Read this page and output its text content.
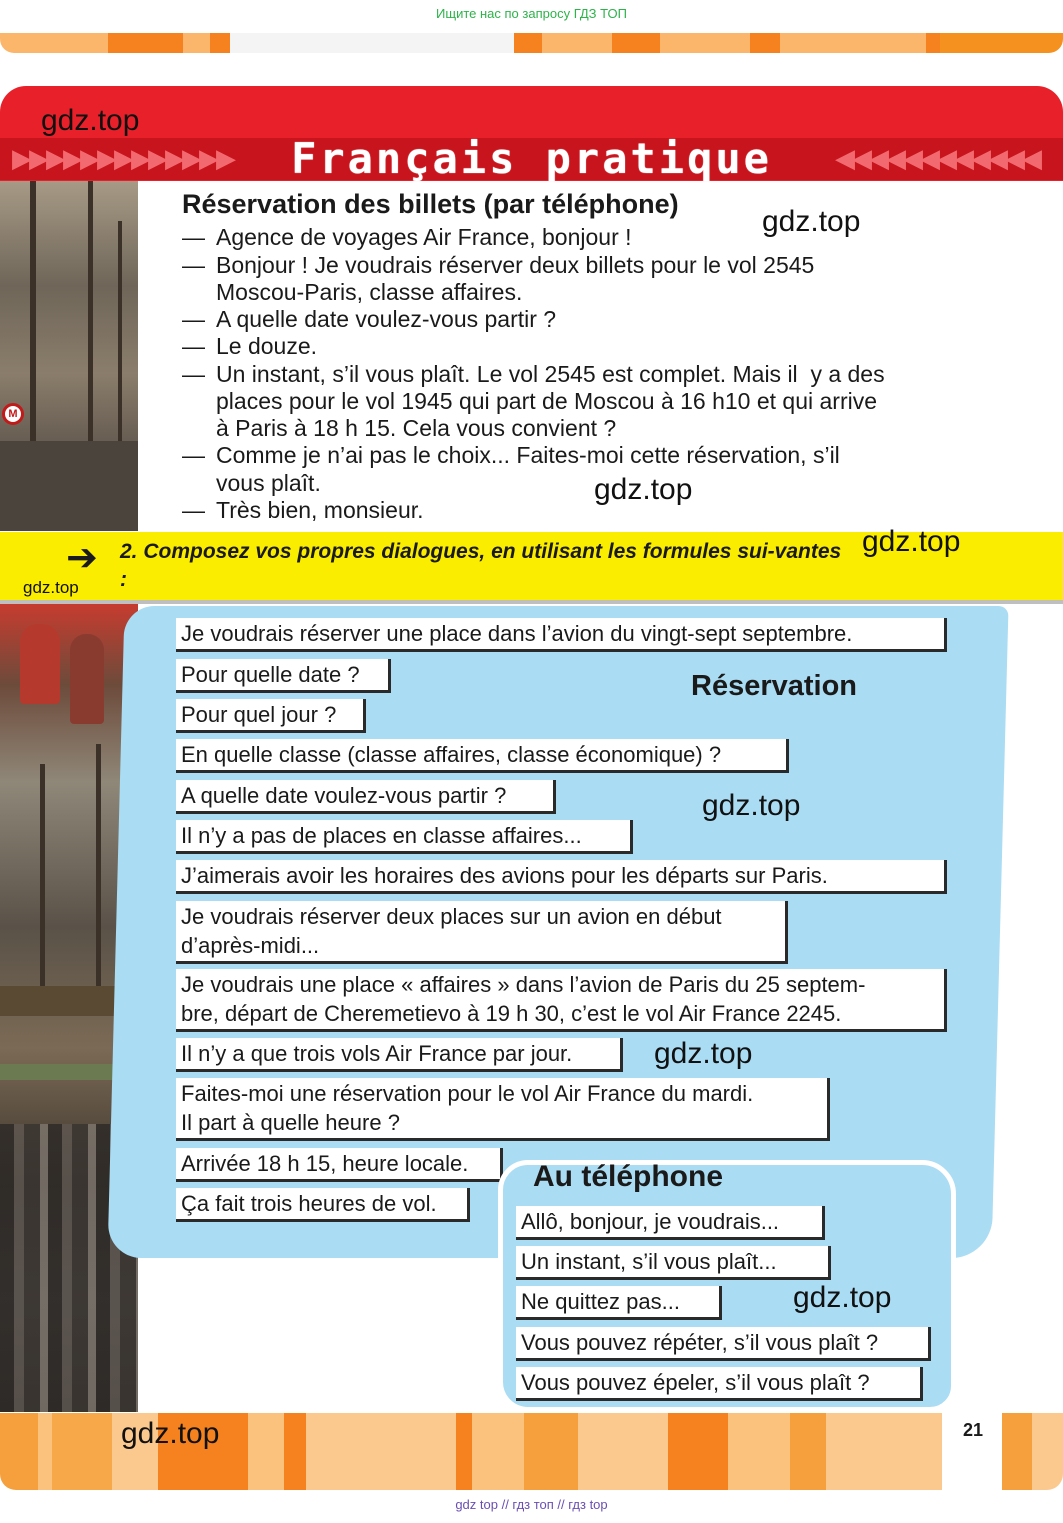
Ищите нас по запросу ГДЗ ТОП
▶▶▶▶▶▶▶▶▶▶▶▶▶	◀◀◀◀◀◀◀◀◀◀◀◀
Français pratique
M
Réservation des billets (par téléphone)
— Agence de voyages Air France, bonjour !
— Bonjour ! Je voudrais réserver deux billets pour le vol 2545
Moscou-Paris, classe affaires.
— A quelle date voulez-vous partir ?
— Le douze.
— Un instant, s’il vous plaît. Le vol 2545 est complet. Mais il  y a des
places pour le vol 1945 qui part de Moscou à 16 h10 et qui arrive
à Paris à 18 h 15. Cela vous convient ?
— Comme je n’ai pas le choix... Faites-moi cette réservation, s’il
vous plaît.
— Très bien, monsieur.
➔ 2. Composez vos propres dialogues, en utilisant les formules sui-vantes :
Réservation
Je voudrais réserver une place dans l’avion du vingt-sept septembre.
Pour quelle date ?
Pour quel jour ?
En quelle classe (classe affaires, classe économique) ?
A quelle date voulez-vous partir ?
Il n’y a pas de places en classe affaires...
J’aimerais avoir les horaires des avions pour les départs sur Paris.
Je voudrais réserver deux places sur un avion en début
d’après-midi...
Je voudrais une place « affaires » dans l’avion de Paris du 25 septem-
bre, départ de Cheremetievo à 19 h 30, c’est le vol Air France 2245.
Il n’y a que trois vols Air France par jour.
Faites-moi une réservation pour le vol Air France du mardi.
Il part à quelle heure ?
Arrivée 18 h 15, heure locale.
Ça fait trois heures de vol.
Au téléphone
Allô, bonjour, je voudrais...
Un instant, s’il vous plaît...
Ne quittez pas...
Vous pouvez répéter, s’il vous plaît ?
Vous pouvez épeler, s’il vous plaît ?
21
gdz.top
gdz.top
gdz.top
gdz.top
gdz.top
gdz.top
gdz.top
gdz.top
gdz.top
gdz top // гдз топ // гдз top
